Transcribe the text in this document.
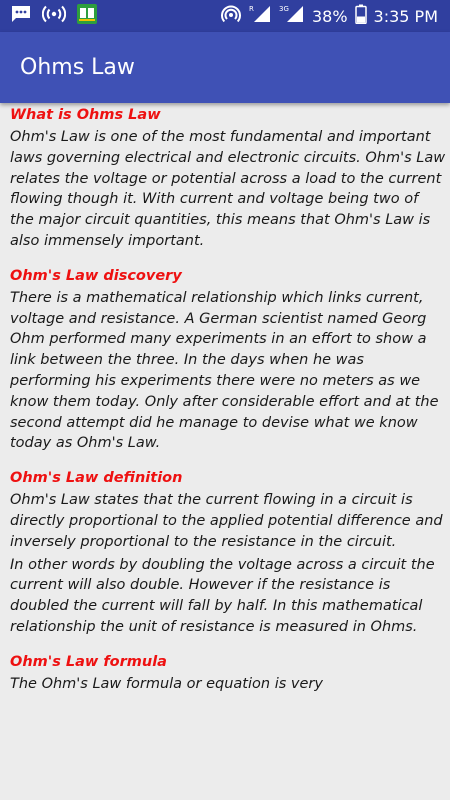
R	3G 38% 3:35 PM
Ohms Law
What is Ohms Law
Ohm's Law is one of the most fundamental and important laws governing electrical and electronic circuits. Ohm's Law relates the voltage or potential across a load to the current flowing though it. With current and voltage being two of the major circuit quantities, this means that Ohm's Law is also immensely important.
Ohm's Law discovery
There is a mathematical relationship which links current, voltage and resistance. A German scientist named Georg Ohm performed many experiments in an effort to show a link between the three. In the days when he was performing his experiments there were no meters as we know them today. Only after considerable effort and at the second attempt did he manage to devise what we know today as Ohm's Law.
Ohm's Law definition
Ohm's Law states that the current flowing in a circuit is directly proportional to the applied potential difference and inversely proportional to the resistance in the circuit.
In other words by doubling the voltage across a circuit the current will also double. However if the resistance is doubled the current will fall by half. In this mathematical relationship the unit of resistance is measured in Ohms.
Ohm's Law formula
The Ohm's Law formula or equation is very
